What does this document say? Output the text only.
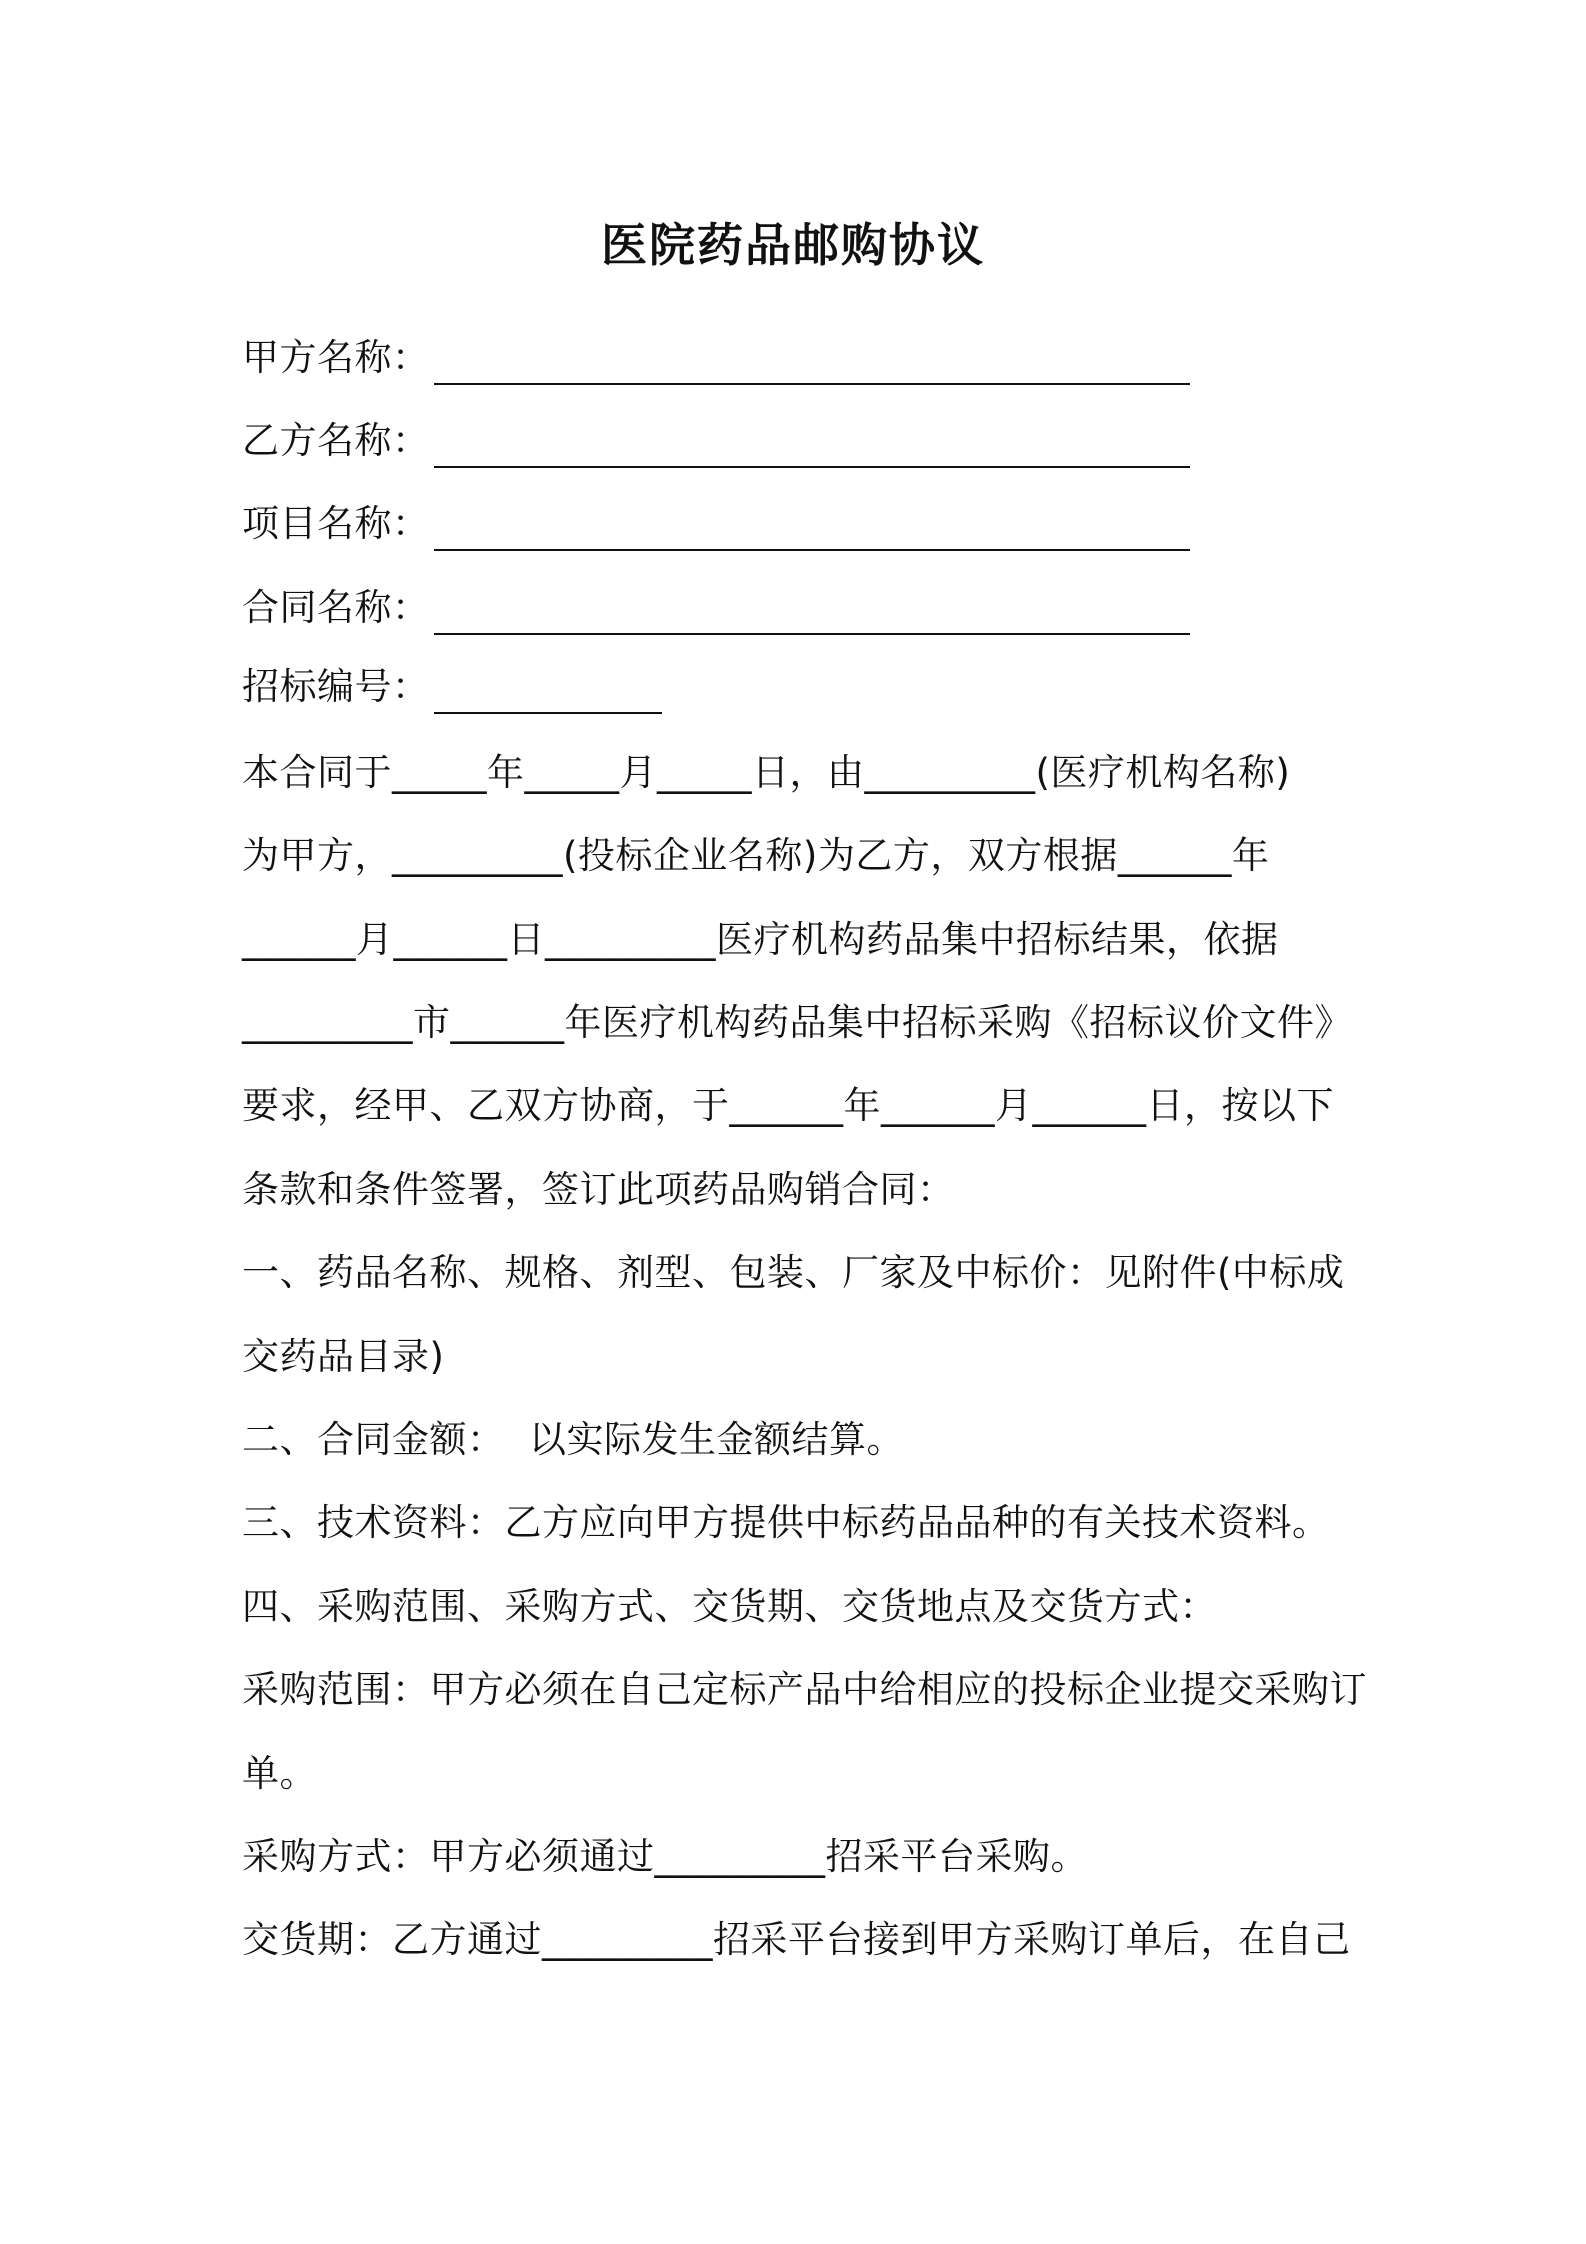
医院药品邮购协议
甲方名称：
乙方名称：
项目名称：
合同名称：
招标编号：
本合同于_____年_____月_____日，由_________(医疗机构名称)
为甲方，_________(投标企业名称)为乙方，双方根据______年
______月______日_________医疗机构药品集中招标结果，依据
_________市______年医疗机构药品集中招标采购《招标议价文件》
要求，经甲、乙双方协商，于______年______月______日，按以下
条款和条件签署，签订此项药品购销合同：
一、药品名称、规格、剂型、包装、厂家及中标价：见附件(中标成
交药品目录)
二、合同金额：  以实际发生金额结算。
三、技术资料：乙方应向甲方提供中标药品品种的有关技术资料。
四、采购范围、采购方式、交货期、交货地点及交货方式：
采购范围：甲方必须在自己定标产品中给相应的投标企业提交采购订
单。
采购方式：甲方必须通过_________招采平台采购。
交货期：乙方通过_________招采平台接到甲方采购订单后，在自己
